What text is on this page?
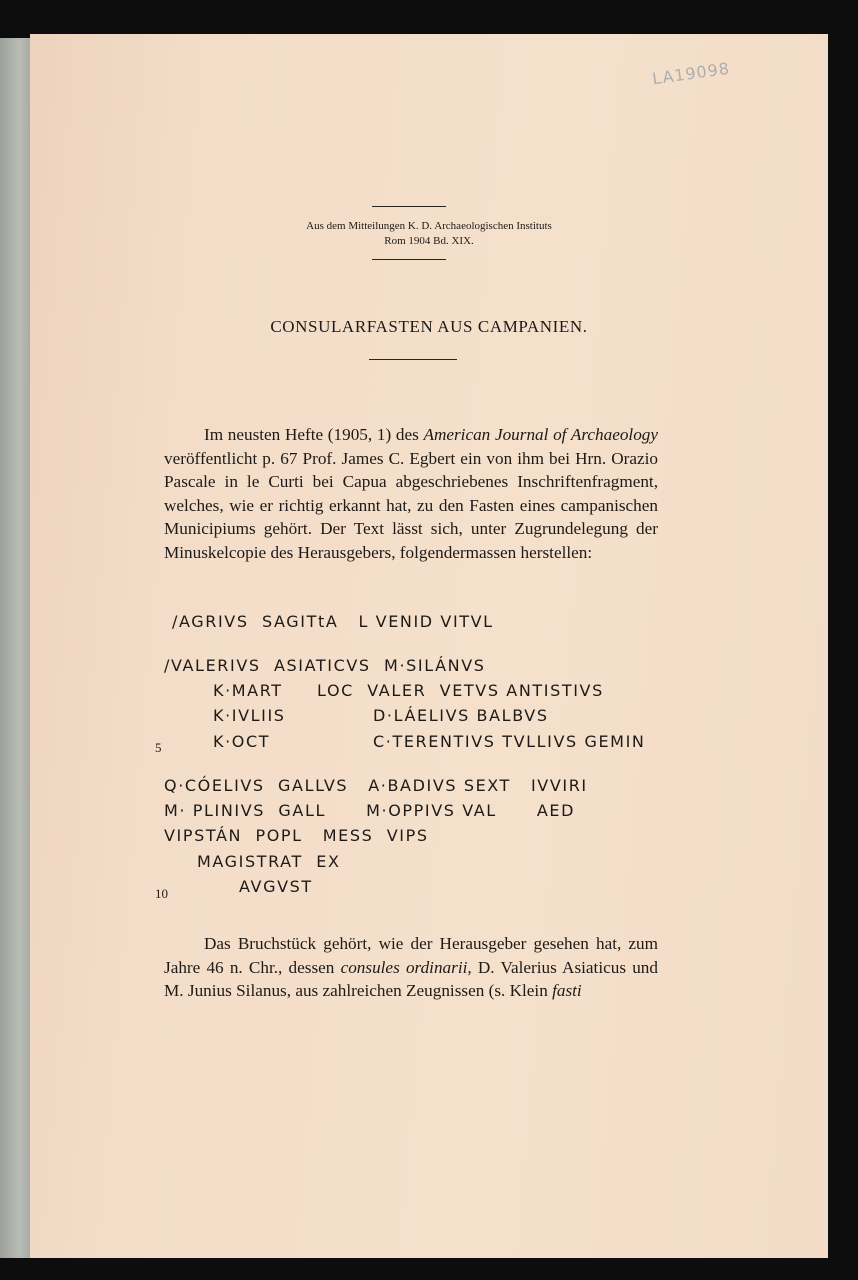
LA19098
Aus dem Mitteilungen K. D. Archaeologischen Instituts
Rom 1904 Bd. XIX.
CONSULARFASTEN AUS CAMPANIEN.

Im neusten Hefte (1905, 1) des American Journal of Archaeology veröffentlicht p. 67 Prof. James C. Egbert ein von ihm bei Hrn. Orazio Pascale in le Curti bei Capua abgeschriebenes Inschriftenfragment, welches, wie er richtig erkannt hat, zu den Fasten eines campanischen Municipiums gehört. Der Text lässt sich, unter Zugrundelegung der Minuskelcopie des Herausgebers, folgendermassen herstellen:

/AGRIVS  SAGITtA   L VENID VITVL
/VALERIVS  ASIATICVS  M·SILÁNVS
K·MART LOC  VALER  VETVS ANTISTIVS
K·IVLIIS	D·LÁELIVS BALBVS
5	K·OCT	C·TERENTIVS TVLLIVS GEMIN
Q·CÓELIVS  GALLVS   A·BADIVS SEXT   IVVIRI
M· PLINIVS  GALL      M·OPPIVS VAL      AED
VIPSTÁN  POPL   MESS  VIPS
MAGISTRAT  EX
10	AVGVST

Das Bruchstück gehört, wie der Herausgeber gesehen hat, zum Jahre 46 n. Chr., dessen consules ordinarii, D. Valerius Asiaticus und M. Junius Silanus, aus zahlreichen Zeugnissen (s. Klein fasti
